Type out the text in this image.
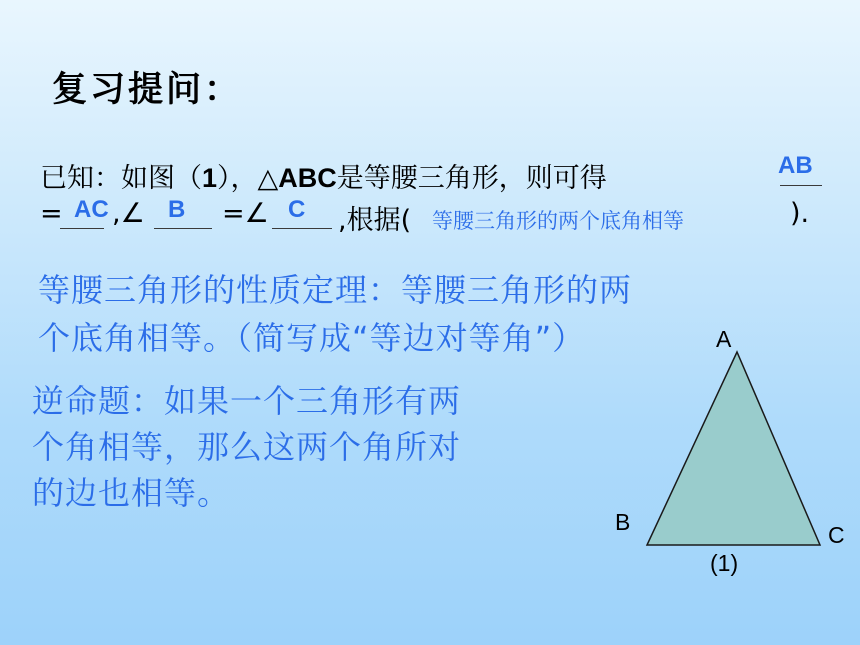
复习提问：
已知：如图（1），△ABC是等腰三角形，则可得	AB
= AC ,∠ B =∠ C ,根据( 等腰三角形的两个底角相等	).
等腰三角形的性质定理：等腰三角形的两
个底角相等。（简写成“等边对等角”）
逆命题：如果一个三角形有两
个角相等，那么这两个角所对
的边也相等。
A
B	C
(1)
